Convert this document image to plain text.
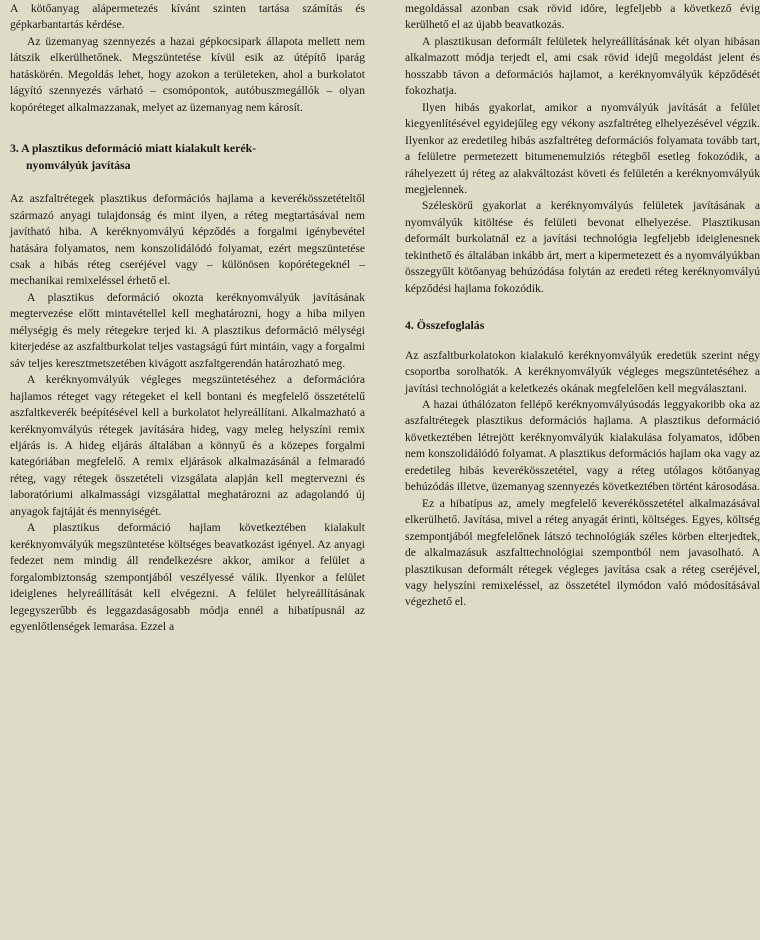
A kötőanyag alápermetezés kívánt szinten tartása számítás és gépkarbantartás kérdése.

Az üzemanyag szennyezés a hazai gépkocsipark állapota mellett nem látszik elkerülhetőnek. Megszüntetése kívül esik az útépítő iparág hatáskörén. Megoldás lehet, hogy azokon a területeken, ahol a burkolatot lágyító szennyezés várható – csomópontok, autóbuszmegállók – olyan kopóréteget alkalmazzanak, melyet az üzemanyag nem károsít.

3. A plasztikus deformáció miatt kialakult kerék-
nyomvályúk javítása

Az aszfaltrétegek plasztikus deformációs hajlama a keverékösszetételtől származó anyagi tulajdonság és mint ilyen, a réteg megtartásával nem javítható hiba. A keréknyomvályú képződés a forgalmi igénybevétel hatására folyamatos, nem konszolidálódó folyamat, ezért megszüntetése csak a hibás réteg cseréjével vagy – különösen kopórétegeknél – mechanikai remixeléssel érhető el.

A plasztikus deformáció okozta keréknyomvályúk javításának megtervezése előtt mintavétellel kell meghatározni, hogy a hiba milyen mélységig és mely rétegekre terjed ki. A plasztikus deformáció mélységi kiterjedése az aszfaltburkolat teljes vastagságú fúrt mintáin, vagy a forgalmi sáv teljes keresztmetszetében kivágott aszfaltgerendán határozható meg.

A keréknyomvályúk végleges megszüntetéséhez a deformációra hajlamos réteget vagy rétegeket el kell bontani és megfelelő összetételű aszfaltkeverék beépítésével kell a burkolatot helyreállítani. Alkalmazható a keréknyomvályús rétegek javítására hideg, vagy meleg helyszíni remix eljárás is. A hideg eljárás általában a könnyű és a közepes forgalmi kategóriában megfelelő. A remix eljárások alkalmazásánál a felmaradó réteg, vagy rétegek összetételi vizsgálata alapján kell megtervezni és laboratóriumi alkalmassági vizsgálattal meghatározni az adagolandó új anyagok fajtáját és mennyiségét.

A plasztikus deformáció hajlam következtében kialakult keréknyomvályúk megszüntetése költséges beavatkozást igényel. Az anyagi fedezet nem mindig áll rendelkezésre akkor, amikor a felület a forgalombiztonság szempontjából veszélyessé válik. Ilyenkor a felület ideiglenes helyreállítását kell elvégezni. A felület helyreállításának legegyszerűbb és leggazdaságosabb módja ennél a hibatípusnál az egyenlőtlenségek lemarása. Ezzel a

megoldással azonban csak rövid időre, legfeljebb a következő évig kerülhető el az újabb beavatkozás.

A plasztikusan deformált felületek helyreállításának két olyan hibásan alkalmazott módja terjedt el, ami csak rövid idejű megoldást jelent és hosszabb távon a deformációs hajlamot, a keréknyomvályúk képződését fokozhatja.

Ilyen hibás gyakorlat, amikor a nyomvályúk javítását a felület kiegyenlítésével egyidejűleg egy vékony aszfaltréteg elhelyezésével végzik. Ilyenkor az eredetileg hibás aszfaltréteg deformációs folyamata tovább tart, a felületre permetezett bitumenemulziós rétegből esetleg fokozódik, a ráhelyezett új réteg az alakváltozást követi és felületén a keréknyomvályúk megjelennek.

Széleskörű gyakorlat a keréknyomvályús felületek javításának a nyomvályúk kitöltése és felületi bevonat elhelyezése. Plasztikusan deformált burkolatnál ez a javítási technológia legfeljebb ideiglenesnek tekinthető és általában inkább árt, mert a kipermetezett és a nyomvályúkban összegyűlt kötőanyag behúzódása folytán az eredeti réteg keréknyomvályú képződési hajlama fokozódik.

4. Összefoglalás

Az aszfaltburkolatokon kialakuló keréknyomvályúk eredetük szerint négy csoportba sorolhatók. A keréknyomvályúk végleges megszüntetéséhez a javítási technológiát a keletkezés okának megfelelően kell megválasztani.

A hazai úthálózaton fellépő keréknyomvályúsodás leggyakoribb oka az aszfaltrétegek plasztikus deformációs hajlama. A plasztikus deformáció következtében létrejött keréknyomvályúk kialakulása folyamatos, időben nem konszolidálódó folyamat. A plasztikus deformációs hajlam oka vagy az eredetileg hibás keverékösszetétel, vagy a réteg utólagos kötőanyag behúzódás illetve, üzemanyag szennyezés következtében történt károsodása.

Ez a hibatípus az, amely megfelelő keverékösszetétel alkalmazásával elkerülhető. Javítása, mivel a réteg anyagát érinti, költséges. Egyes, költség szempontjából megfelelőnek látszó technológiák széles körben elterjedtek, de alkalmazásuk aszfalttechnológiai szempontból nem javasolható. A plasztikusan deformált rétegek végleges javítása csak a réteg cseréjével, vagy helyszíni remixeléssel, az összetétel ilymódon való módosításával végezhető el.
